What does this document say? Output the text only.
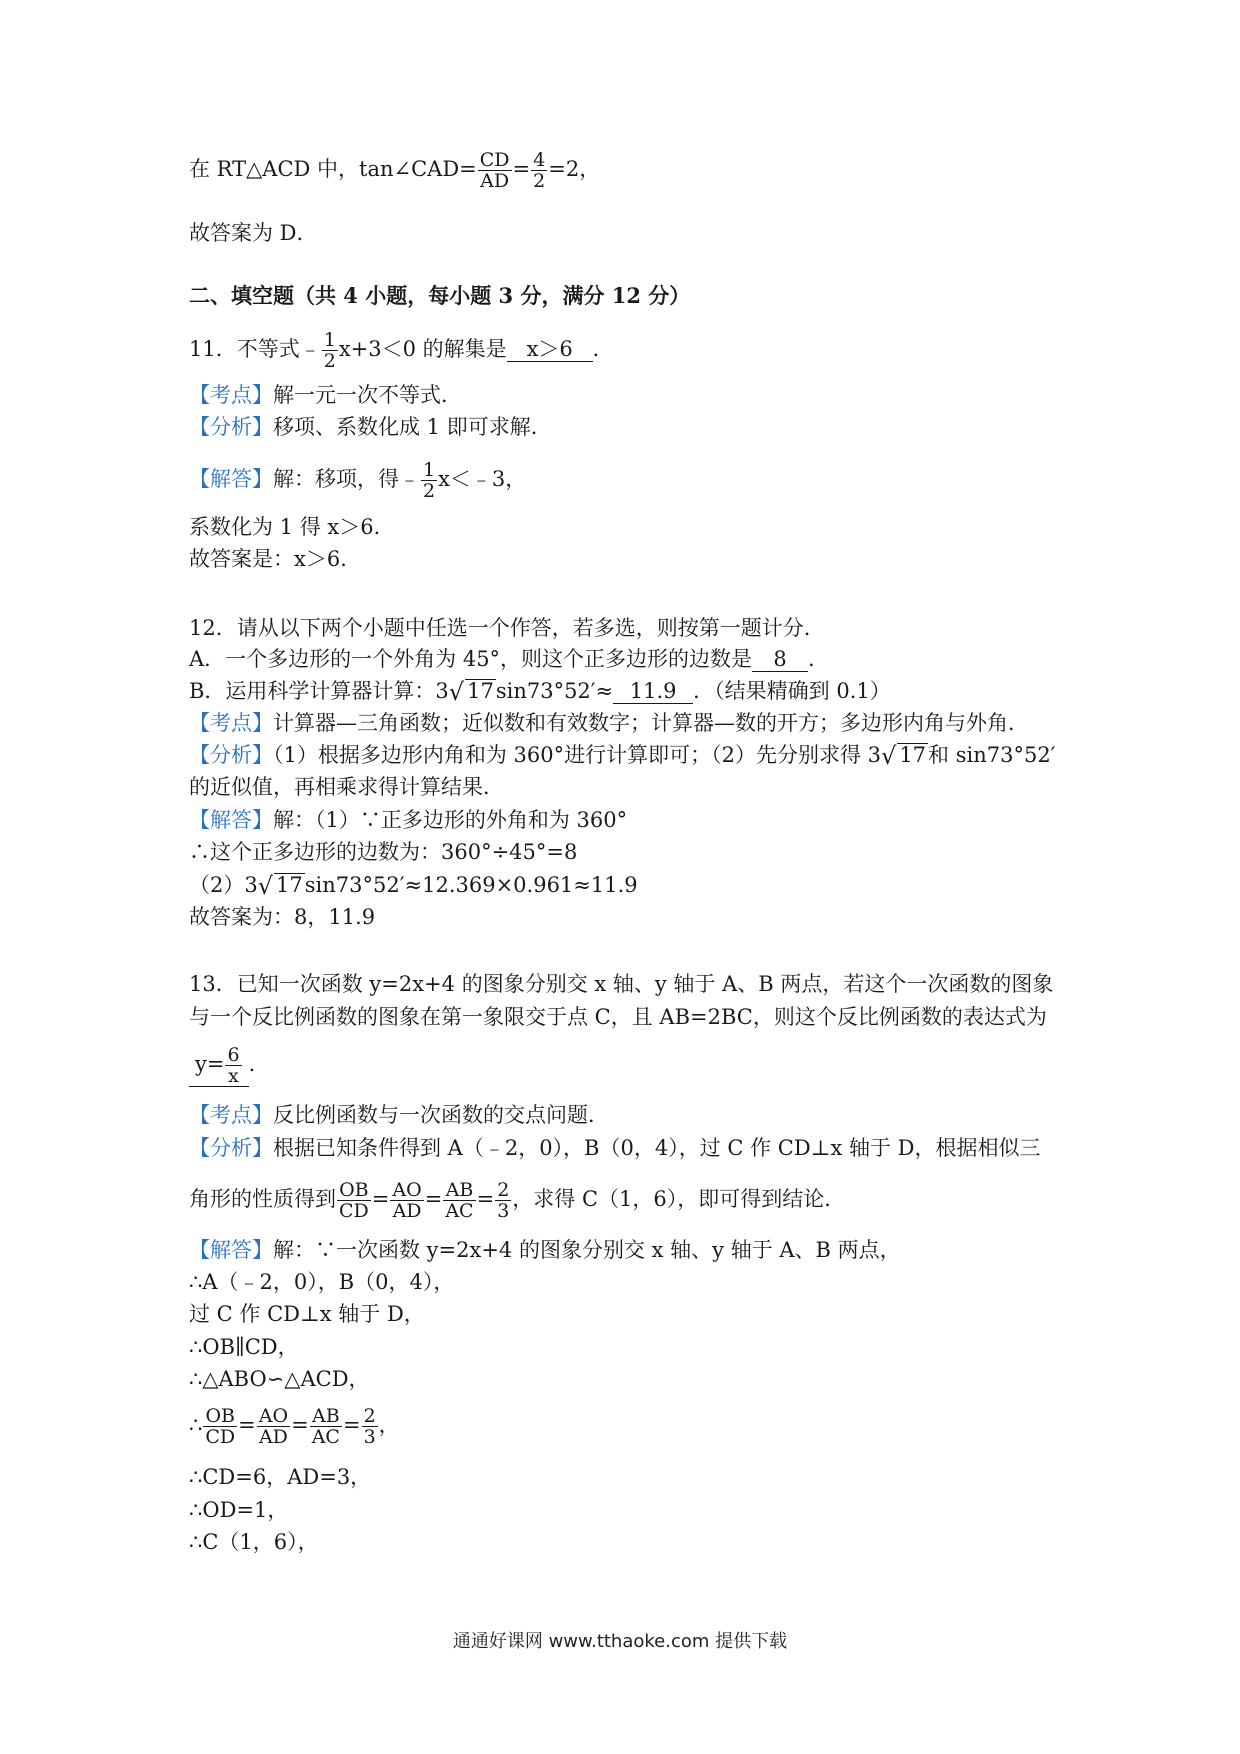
在 RT△ACD 中，tan∠CAD= $\frac{CD}{AD} = \frac{4}{2} =2$，
故答案为 D．
二、填空题（共 4 小题，每小题 3 分，满分 12 分）
11．不等式﹣ $\frac{1}{2} x+3<0$ 的解集是 x＞6 ．
【考点】解一元一次不等式．
【分析】移项、系数化成 1 即可求解．
【解答】解：移项，得﹣ $\frac{1}{2}$ x＜﹣3，
系数化为 1 得 x＞6．
故答案是：x＞6．
12．请从以下两个小题中任选一个作答，若多选，则按第一题计分．
A．一个多边形的一个外角为 45°，则这个正多边形的边数是 8 ．
B．运用科学计算器计算：3√ 17sin73°52′≈ 11.9 ．（结果精确到 0.1）
【考点】计算器—三角函数；近似数和有效数字；计算器—数的开方；多边形内角与外角．
【分析】（1）根据多边形内角和为 360°进行计算即可；（2）先分别求得 3√ 17和 sin73°52′
的近似值，再相乘求得计算结果．
【解答】解：（1）∵正多边形的外角和为 360°
∴这个正多边形的边数为：360°÷45°=8
（2）3√ 17sin73°52′≈12.369×0.961≈11.9
故答案为：8，11.9
13．已知一次函数 y=2x+4 的图象分别交 x 轴、y 轴于 A、B 两点，若这个一次函数的图象
与一个反比例函数的图象在第一象限交于点 C，且 AB=2BC，则这个反比例函数的表达式为
$y= \frac{6}{x}$ ．
【考点】反比例函数与一次函数的交点问题．
【分析】根据已知条件得到 A（﹣2，0），B（0，4），过 C 作 CD⊥x 轴于 D，根据相似三
角形的性质得到 $\frac{OB}{CD} = \frac{AO}{AD} = \frac{AB}{AC} = \frac{2}{3}$ ，求得 C（1，6），即可得到结论．
【解答】解：∵一次函数 y=2x+4 的图象分别交 x 轴、y 轴于 A、B 两点，
∴A（﹣2，0），B（0，4），
过 C 作 CD⊥x 轴于 D，
∴OB∥CD，
∴△ABO∽△ACD，
∴ $\frac{OB}{CD} = \frac{AO}{AD} = \frac{AB}{AC} = \frac{2}{3}$ ，
∴CD=6，AD=3，
∴OD=1，
∴C（1，6），
通通好课网 www.tthaoke.com 提供下载
